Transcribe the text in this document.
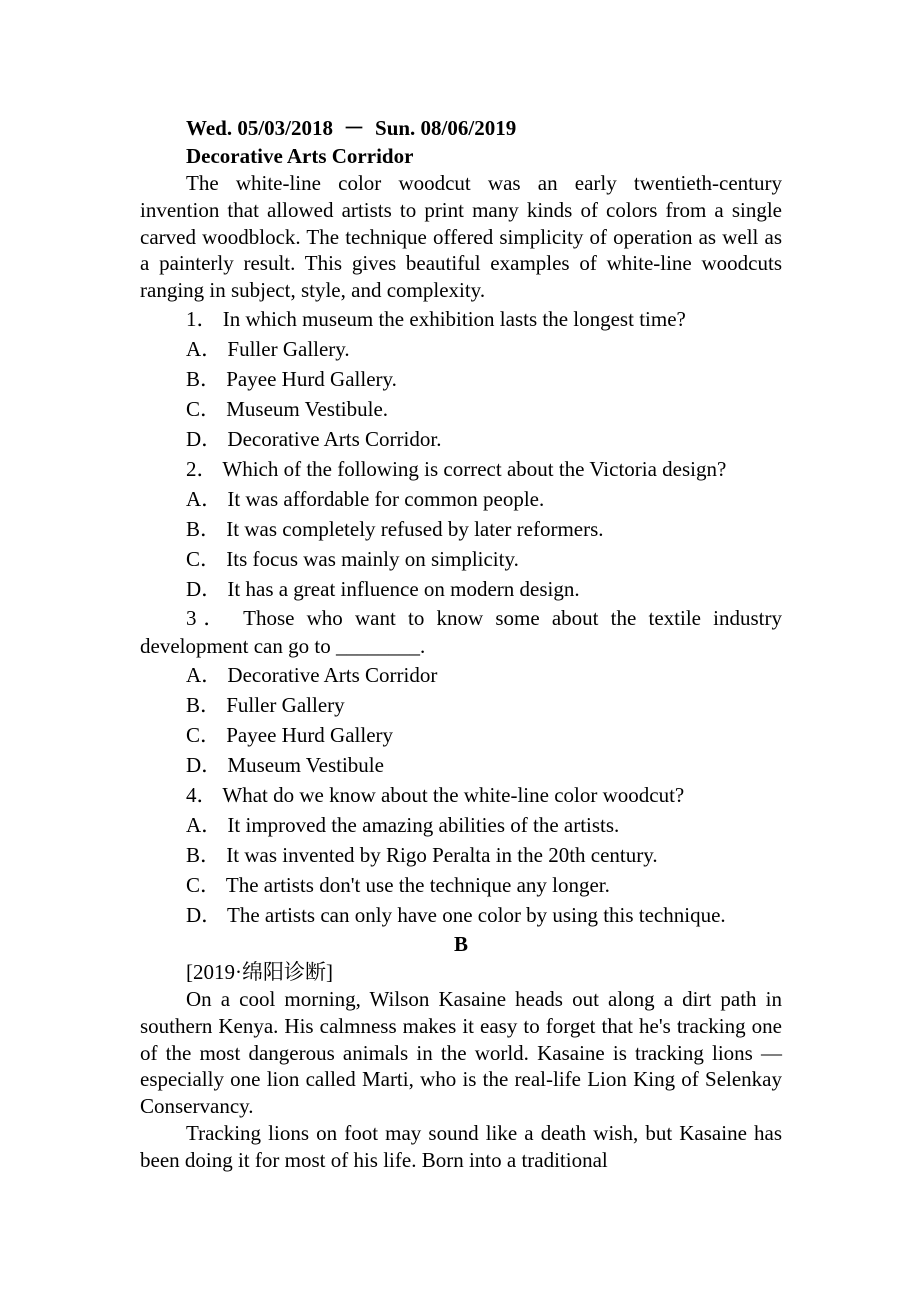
Wed. 05/03/2018  －  Sun. 08/06/2019

Decorative Arts Corridor

The white-line color woodcut was an early twentieth-century invention that allowed artists to print many kinds of colors from a single carved woodblock. The technique offered simplicity of operation as well as a painterly result. This gives beautiful examples of white-line woodcuts ranging in subject, style, and complexity.

1． In which museum the exhibition lasts the longest time?

A． Fuller Gallery.

B． Payee Hurd Gallery.

C． Museum Vestibule.

D． Decorative Arts Corridor.

2． Which of the following is correct about the Victoria design?

A． It was affordable for common people.

B． It was completely refused by later reformers.

C． Its focus was mainly on simplicity.

D． It has a great influence on modern design.

3． Those who want to know some about the textile industry development can go to ________.

A． Decorative Arts Corridor

B． Fuller Gallery

C． Payee Hurd Gallery

D． Museum Vestibule

4． What do we know about the white-line color woodcut?

A． It improved the amazing abilities of the artists.

B． It was invented by Rigo Peralta in the 20th century.

C． The artists don't use the technique any longer.

D． The artists can only have one color by using this technique.

B

[2019·绵阳诊断]

On a cool morning, Wilson Kasaine heads out along a dirt path in southern Kenya. His calmness makes it easy to forget that he's tracking one of the most dangerous animals in the world. Kasaine is tracking lions — especially one lion called Marti, who is the real-life Lion King of Selenkay Conservancy.

Tracking lions on foot may sound like a death wish, but Kasaine has been doing it for most of his life. Born into a traditional
